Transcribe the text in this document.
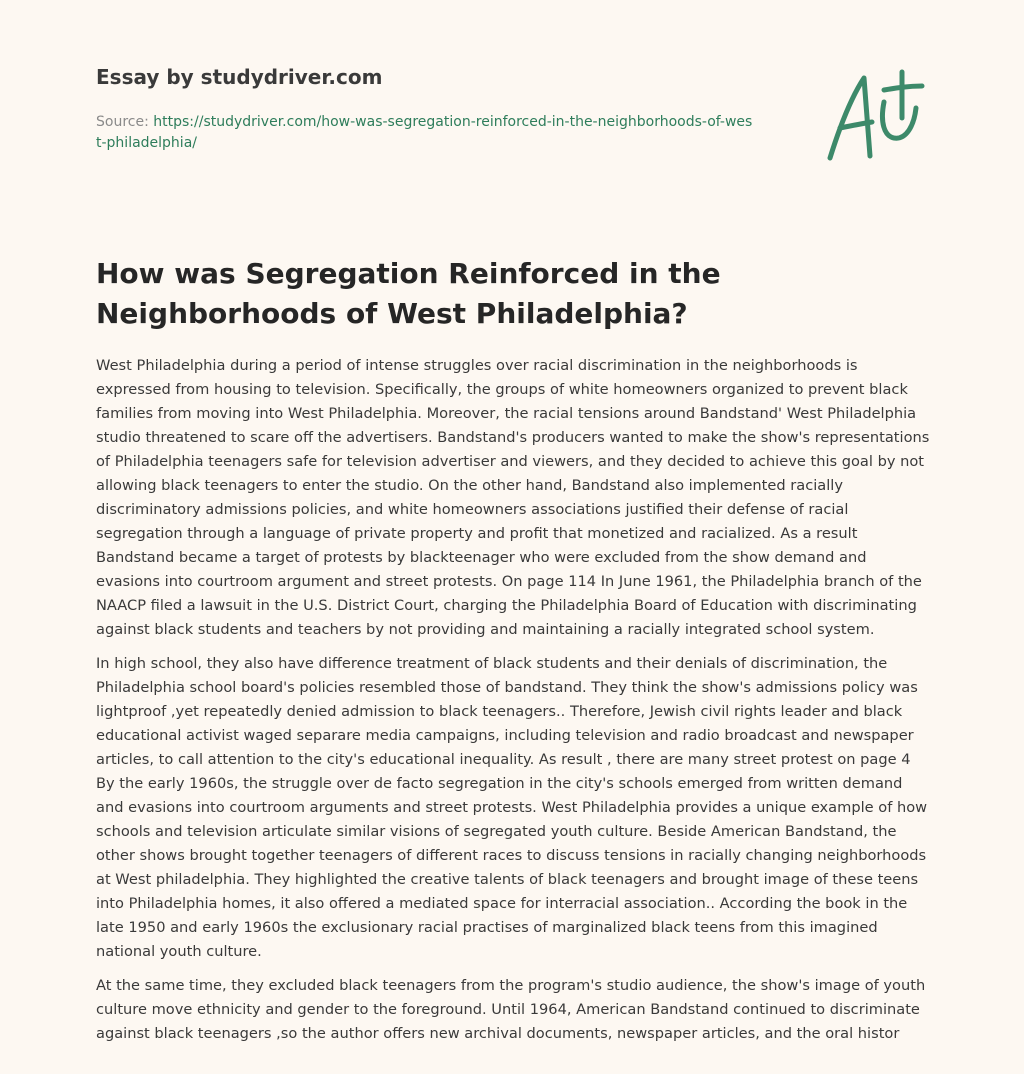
Essay by studydriver.com
Source: https://studydriver.com/how-was-segregation-reinforced-in-the-neighborhoods-of-west-philadelphia/
How was Segregation Reinforced in the Neighborhoods of West Philadelphia?

West Philadelphia during a period of intense struggles over racial discrimination in the neighborhoods is expressed from housing to television. Specifically, the groups of white homeowners organized to prevent black families from moving into West Philadelphia. Moreover, the racial tensions around Bandstand' West Philadelphia studio threatened to scare off the advertisers. Bandstand's producers wanted to make the show's representations of Philadelphia teenagers safe for television advertiser and viewers, and they decided to achieve this goal by not allowing black teenagers to enter the studio. On the other hand, Bandstand also implemented racially discriminatory admissions policies, and white homeowners associations justified their defense of racial segregation through a language of private property and profit that monetized and racialized. As a result Bandstand became a target of protests by blackteenager who were excluded from the show demand and evasions into courtroom argument and street protests. On page 114 In June 1961, the Philadelphia branch of the NAACP filed a lawsuit in the U.S. District Court, charging the Philadelphia Board of Education with discriminating against black students and teachers by not providing and maintaining a racially integrated school system.

In high school, they also have difference treatment of black students and their denials of discrimination, the Philadelphia school board's policies resembled those of bandstand. They think the show's admissions policy was lightproof ,yet repeatedly denied admission to black teenagers.. Therefore, Jewish civil rights leader and black educational activist waged separare media campaigns, including television and radio broadcast and newspaper articles, to call attention to the city's educational inequality. As result , there are many street protest on page 4 By the early 1960s, the struggle over de facto segregation in the city's schools emerged from written demand and evasions into courtroom arguments and street protests. West Philadelphia provides a unique example of how schools and television articulate similar visions of segregated youth culture. Beside American Bandstand, the other shows brought together teenagers of different races to discuss tensions in racially changing neighborhoods at West philadelphia. They highlighted the creative talents of black teenagers and brought image of these teens into Philadelphia homes, it also offered a mediated space for interracial association.. According the book in the late 1950 and early 1960s the exclusionary racial practises of marginalized black teens from this imagined national youth culture.

At the same time, they excluded black teenagers from the program's studio audience, the show's image of youth culture move ethnicity and gender to the foreground. Until 1964, American Bandstand continued to discriminate against black teenagers ,so the author offers new archival documents, newspaper articles, and the oral histor
